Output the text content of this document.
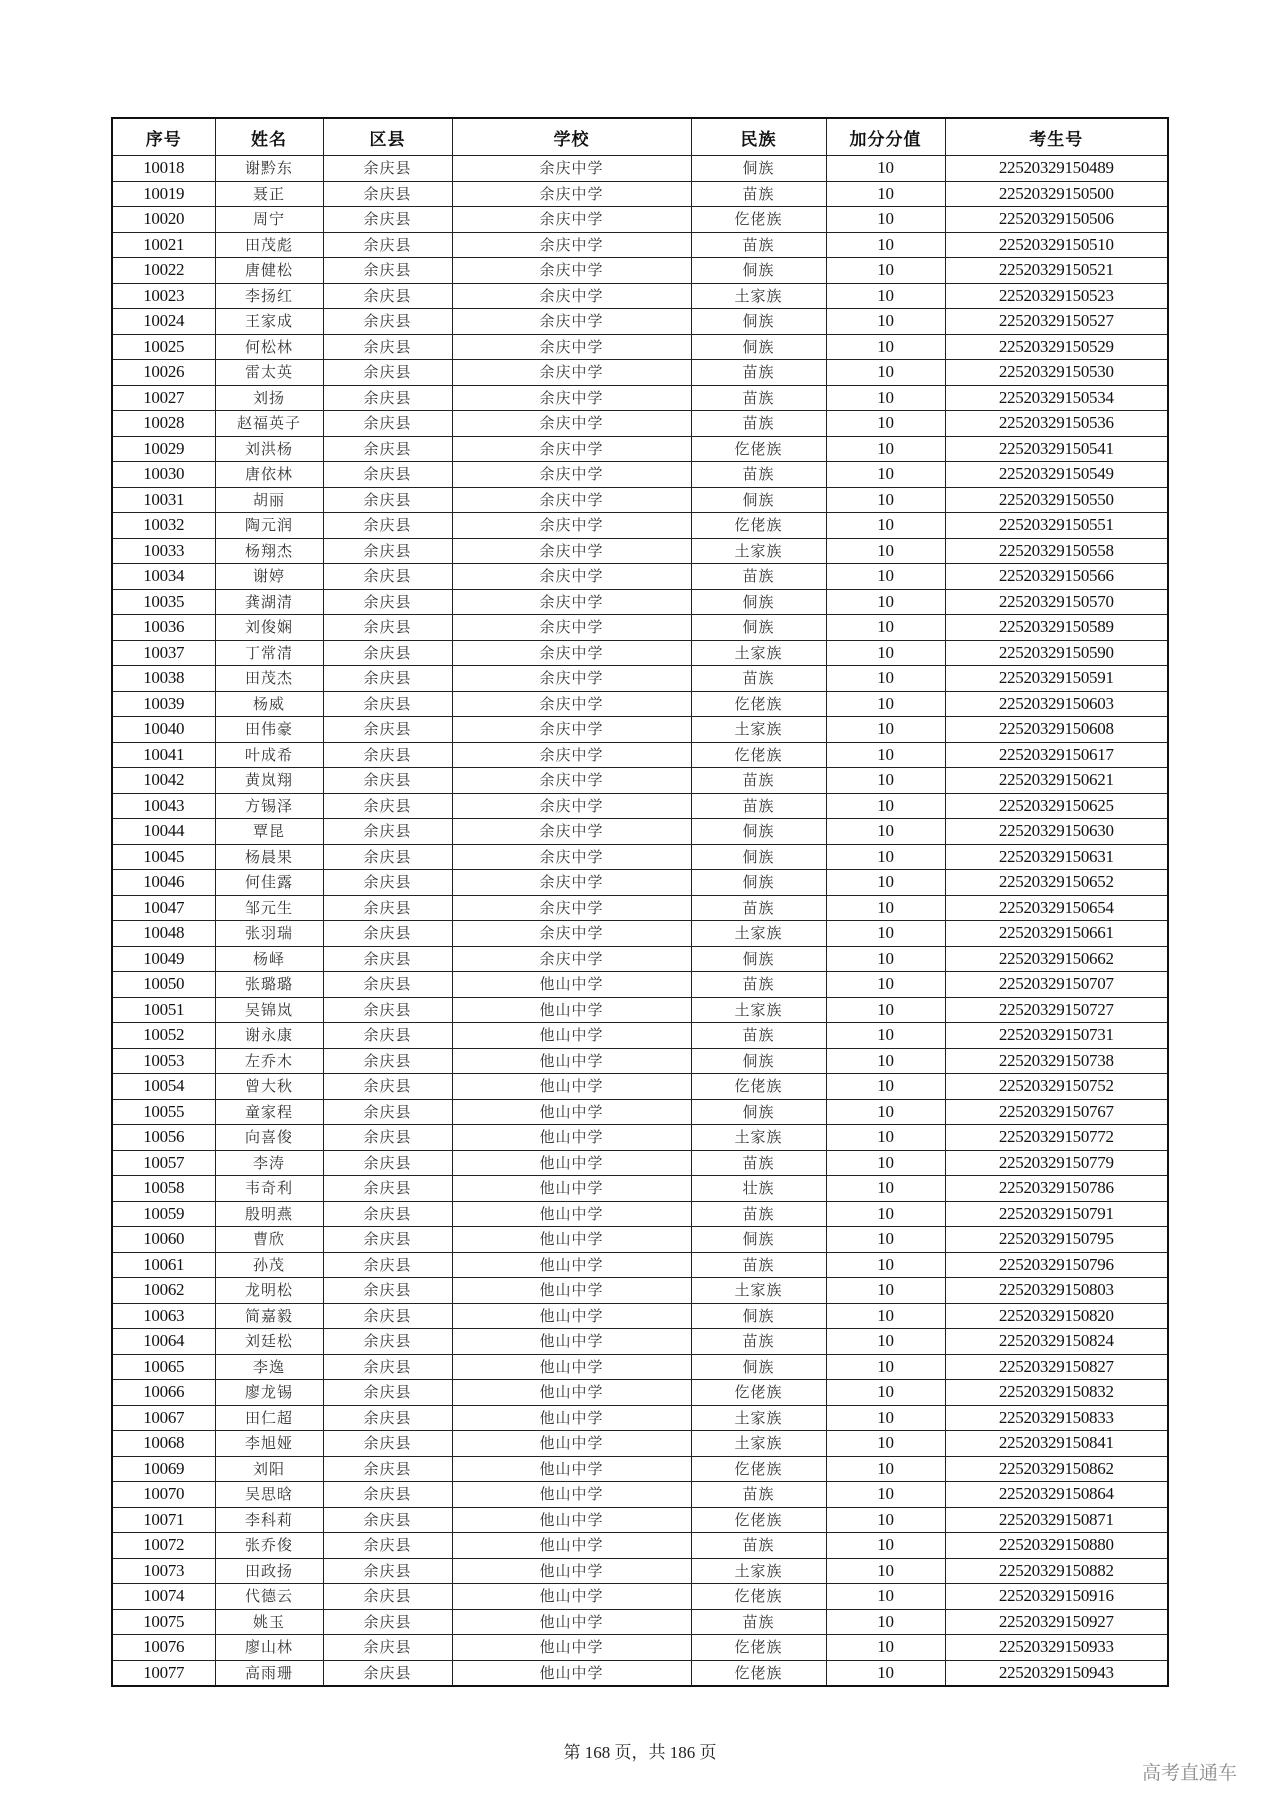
序号	姓名	区县	学校	民族	加分分值	考生号
10018	谢黔东	余庆县	余庆中学	侗族	10	22520329150489
10019	聂正	余庆县	余庆中学	苗族	10	22520329150500
10020	周宁	余庆县	余庆中学	仡佬族	10	22520329150506
10021	田茂彪	余庆县	余庆中学	苗族	10	22520329150510
10022	唐健松	余庆县	余庆中学	侗族	10	22520329150521
10023	李扬红	余庆县	余庆中学	土家族	10	22520329150523
10024	王家成	余庆县	余庆中学	侗族	10	22520329150527
10025	何松林	余庆县	余庆中学	侗族	10	22520329150529
10026	雷太英	余庆县	余庆中学	苗族	10	22520329150530
10027	刘扬	余庆县	余庆中学	苗族	10	22520329150534
10028	赵福英子	余庆县	余庆中学	苗族	10	22520329150536
10029	刘洪杨	余庆县	余庆中学	仡佬族	10	22520329150541
10030	唐依林	余庆县	余庆中学	苗族	10	22520329150549
10031	胡丽	余庆县	余庆中学	侗族	10	22520329150550
10032	陶元润	余庆县	余庆中学	仡佬族	10	22520329150551
10033	杨翔杰	余庆县	余庆中学	土家族	10	22520329150558
10034	谢婷	余庆县	余庆中学	苗族	10	22520329150566
10035	龚湖清	余庆县	余庆中学	侗族	10	22520329150570
10036	刘俊娴	余庆县	余庆中学	侗族	10	22520329150589
10037	丁常清	余庆县	余庆中学	土家族	10	22520329150590
10038	田茂杰	余庆县	余庆中学	苗族	10	22520329150591
10039	杨威	余庆县	余庆中学	仡佬族	10	22520329150603
10040	田伟豪	余庆县	余庆中学	土家族	10	22520329150608
10041	叶成希	余庆县	余庆中学	仡佬族	10	22520329150617
10042	黄岚翔	余庆县	余庆中学	苗族	10	22520329150621
10043	方锡泽	余庆县	余庆中学	苗族	10	22520329150625
10044	覃昆	余庆县	余庆中学	侗族	10	22520329150630
10045	杨晨果	余庆县	余庆中学	侗族	10	22520329150631
10046	何佳露	余庆县	余庆中学	侗族	10	22520329150652
10047	邹元生	余庆县	余庆中学	苗族	10	22520329150654
10048	张羽瑞	余庆县	余庆中学	土家族	10	22520329150661
10049	杨峄	余庆县	余庆中学	侗族	10	22520329150662
10050	张璐璐	余庆县	他山中学	苗族	10	22520329150707
10051	吴锦岚	余庆县	他山中学	土家族	10	22520329150727
10052	谢永康	余庆县	他山中学	苗族	10	22520329150731
10053	左乔木	余庆县	他山中学	侗族	10	22520329150738
10054	曾大秋	余庆县	他山中学	仡佬族	10	22520329150752
10055	童家程	余庆县	他山中学	侗族	10	22520329150767
10056	向喜俊	余庆县	他山中学	土家族	10	22520329150772
10057	李涛	余庆县	他山中学	苗族	10	22520329150779
10058	韦奇利	余庆县	他山中学	壮族	10	22520329150786
10059	殷明燕	余庆县	他山中学	苗族	10	22520329150791
10060	曹欣	余庆县	他山中学	侗族	10	22520329150795
10061	孙茂	余庆县	他山中学	苗族	10	22520329150796
10062	龙明松	余庆县	他山中学	土家族	10	22520329150803
10063	简嘉毅	余庆县	他山中学	侗族	10	22520329150820
10064	刘廷松	余庆县	他山中学	苗族	10	22520329150824
10065	李逸	余庆县	他山中学	侗族	10	22520329150827
10066	廖龙锡	余庆县	他山中学	仡佬族	10	22520329150832
10067	田仁超	余庆县	他山中学	土家族	10	22520329150833
10068	李旭娅	余庆县	他山中学	土家族	10	22520329150841
10069	刘阳	余庆县	他山中学	仡佬族	10	22520329150862
10070	吴思晗	余庆县	他山中学	苗族	10	22520329150864
10071	李科莉	余庆县	他山中学	仡佬族	10	22520329150871
10072	张乔俊	余庆县	他山中学	苗族	10	22520329150880
10073	田政扬	余庆县	他山中学	土家族	10	22520329150882
10074	代德云	余庆县	他山中学	仡佬族	10	22520329150916
10075	姚玉	余庆县	他山中学	苗族	10	22520329150927
10076	廖山林	余庆县	他山中学	仡佬族	10	22520329150933
10077	高雨珊	余庆县	他山中学	仡佬族	10	22520329150943
第 168 页，共 186 页
高考直通车
